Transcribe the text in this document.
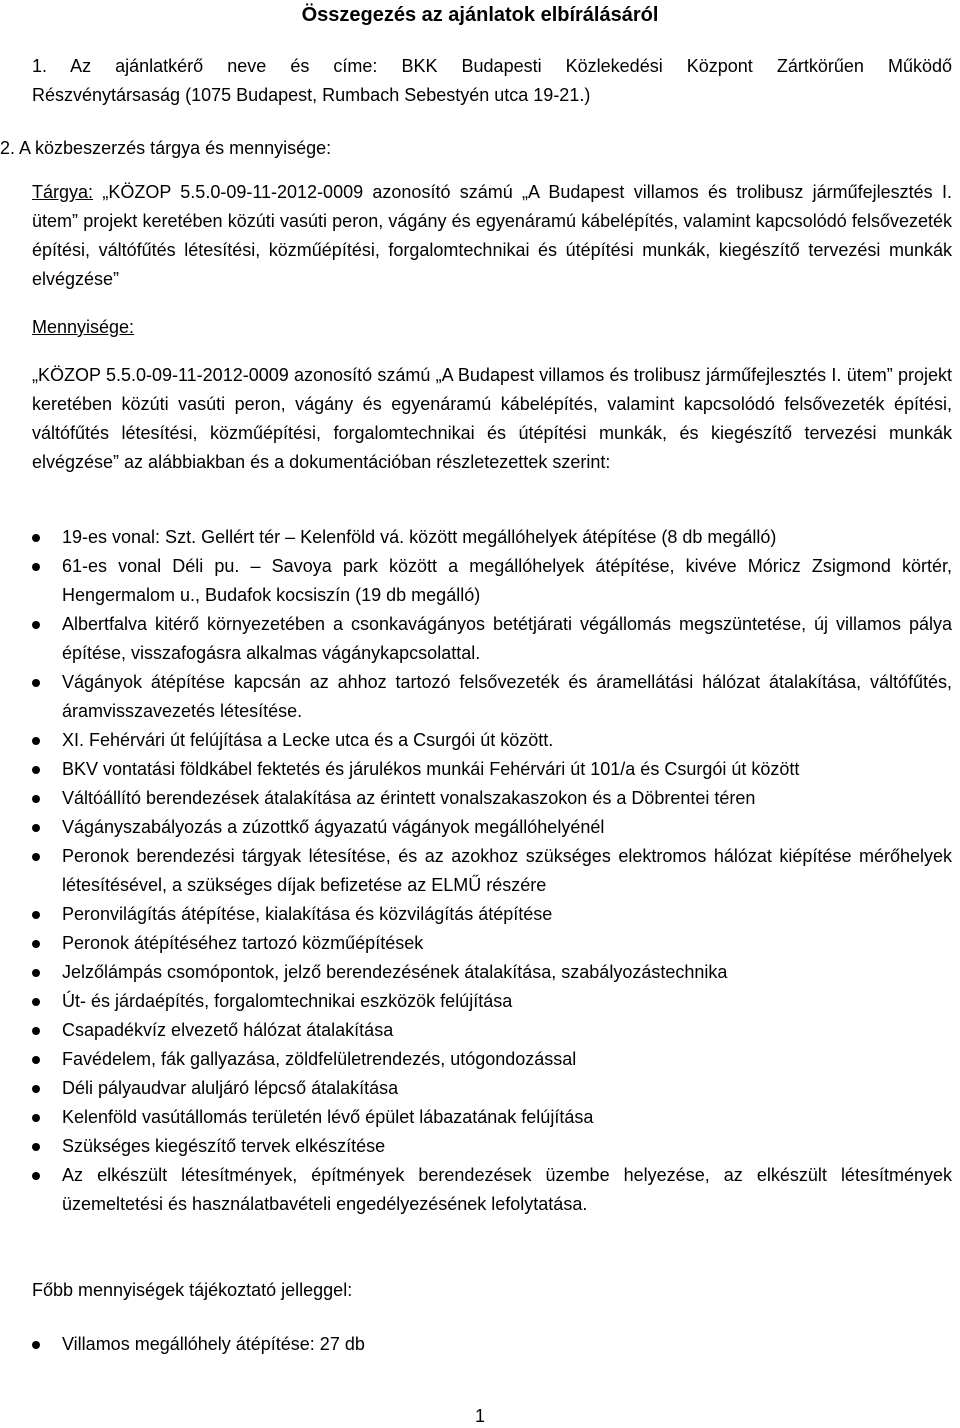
Összegezés az ajánlatok elbírálásáról
1. Az ajánlatkérő neve és címe: BKK Budapesti Közlekedési Központ Zártkörűen Működő
Részvénytársaság (1075 Budapest, Rumbach Sebestyén utca 19-21.)
2. A közbeszerzés tárgya és mennyisége:
Tárgya: „KÖZOP 5.5.0-09-11-2012-0009 azonosító számú „A Budapest villamos és trolibusz járműfejlesztés I. ütem” projekt keretében közúti vasúti peron, vágány és egyenáramú kábelépítés, valamint kapcsolódó felsővezeték építési, váltófűtés létesítési, közműépítési, forgalomtechnikai és útépítési munkák, kiegészítő tervezési munkák elvégzése”
Mennyisége:
„KÖZOP 5.5.0-09-11-2012-0009 azonosító számú „A Budapest villamos és trolibusz járműfejlesztés I. ütem” projekt keretében közúti vasúti peron, vágány és egyenáramú kábelépítés, valamint kapcsolódó felsővezeték építési, váltófűtés létesítési, közműépítési, forgalomtechnikai és útépítési munkák, és kiegészítő tervezési munkák elvégzése” az alábbiakban és a dokumentációban részletezettek szerint:
19-es vonal: Szt. Gellért tér – Kelenföld vá. között megállóhelyek átépítése (8 db megálló)
61-es vonal Déli pu. – Savoya park között a megállóhelyek átépítése, kivéve Móricz Zsigmond körtér, Hengermalom u., Budafok kocsiszín (19 db megálló)
Albertfalva kitérő környezetében a csonkavágányos betétjárati végállomás megszüntetése, új villamos pálya építése, visszafogásra alkalmas vágánykapcsolattal.
Vágányok átépítése kapcsán az ahhoz tartozó felsővezeték és áramellátási hálózat átalakítása, váltófűtés, áramvisszavezetés létesítése.
XI. Fehérvári út felújítása a Lecke utca és a Csurgói út között.
BKV vontatási földkábel fektetés és járulékos munkái Fehérvári út 101/a és Csurgói út között
Váltóállító berendezések átalakítása az érintett vonalszakaszokon és a Döbrentei téren
Vágányszabályozás a zúzottkő ágyazatú vágányok megállóhelyénél
Peronok berendezési tárgyak létesítése, és az azokhoz szükséges elektromos hálózat kiépítése mérőhelyek létesítésével, a szükséges díjak befizetése az ELMŰ részére
Peronvilágítás átépítése, kialakítása és közvilágítás átépítése
Peronok átépítéséhez tartozó közműépítések
Jelzőlámpás csomópontok, jelző berendezésének átalakítása, szabályozástechnika
Út- és járdaépítés, forgalomtechnikai eszközök felújítása
Csapadékvíz elvezető hálózat átalakítása
Favédelem, fák gallyazása, zöldfelületrendezés, utógondozással
Déli pályaudvar aluljáró lépcső átalakítása
Kelenföld vasútállomás területén lévő épület lábazatának felújítása
Szükséges kiegészítő tervek elkészítése
Az elkészült létesítmények, építmények berendezések üzembe helyezése, az elkészült létesítmények üzemeltetési és használatbavételi engedélyezésének lefolytatása.
Főbb mennyiségek tájékoztató jelleggel:
Villamos megállóhely átépítése: 27 db
1
